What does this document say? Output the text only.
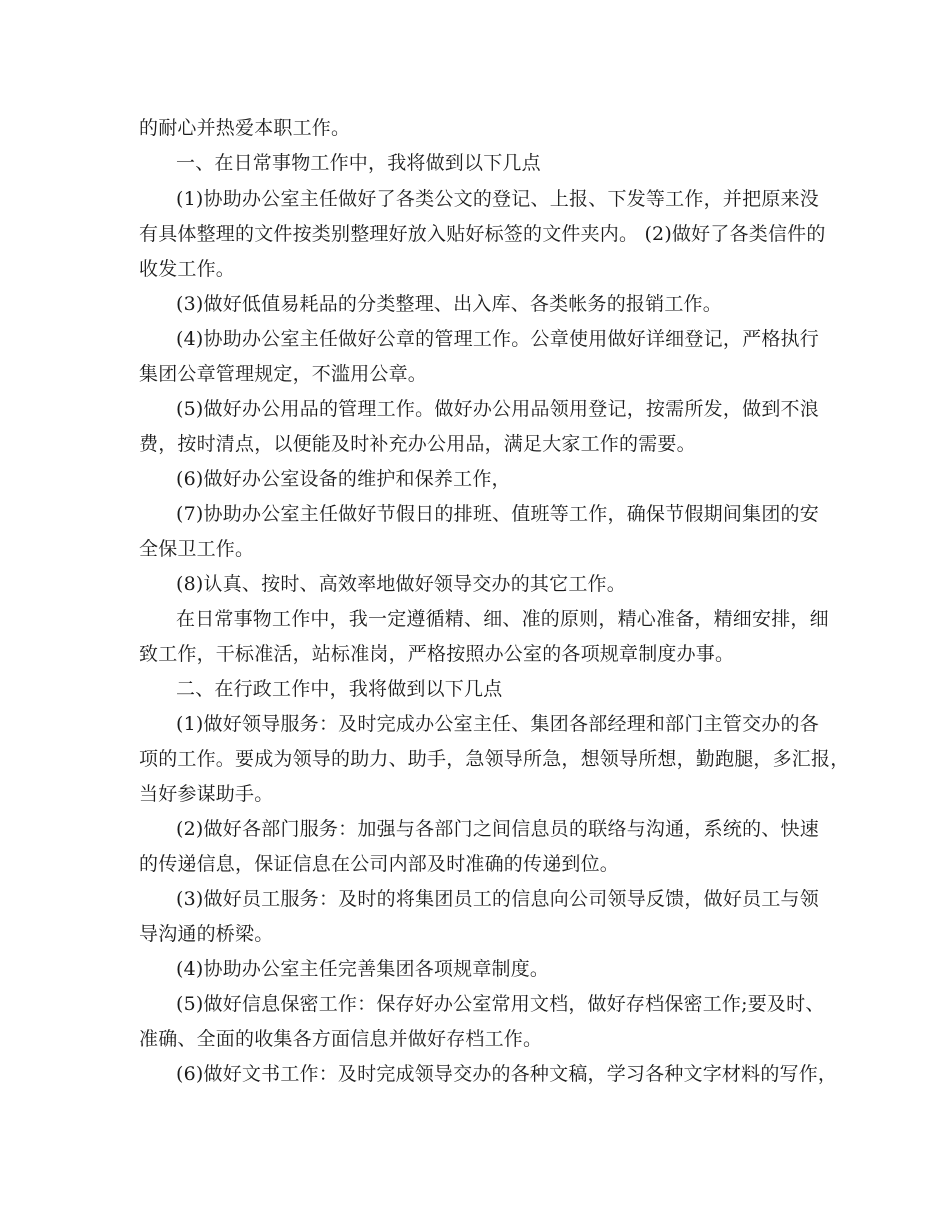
的耐心并热爱本职工作。
一、在日常事物工作中，我将做到以下几点
(1)协助办公室主任做好了各类公文的登记、上报、下发等工作，并把原来没
有具体整理的文件按类别整理好放入贴好标签的文件夹内。 (2)做好了各类信件的
收发工作。
(3)做好低值易耗品的分类整理、出入库、各类帐务的报销工作。
(4)协助办公室主任做好公章的管理工作。公章使用做好详细登记，严格执行
集团公章管理规定，不滥用公章。
(5)做好办公用品的管理工作。做好办公用品领用登记，按需所发，做到不浪
费，按时清点，以便能及时补充办公用品，满足大家工作的需要。
(6)做好办公室设备的维护和保养工作，
(7)协助办公室主任做好节假日的排班、值班等工作，确保节假期间集团的安
全保卫工作。
(8)认真、按时、高效率地做好领导交办的其它工作。
在日常事物工作中，我一定遵循精、细、准的原则，精心准备，精细安排，细
致工作，干标准活，站标准岗，严格按照办公室的各项规章制度办事。
二、在行政工作中，我将做到以下几点
(1)做好领导服务：及时完成办公室主任、集团各部经理和部门主管交办的各
项的工作。要成为领导的助力、助手，急领导所急，想领导所想，勤跑腿，多汇报，
当好参谋助手。
(2)做好各部门服务：加强与各部门之间信息员的联络与沟通，系统的、快速
的传递信息，保证信息在公司内部及时准确的传递到位。
(3)做好员工服务：及时的将集团员工的信息向公司领导反馈，做好员工与领
导沟通的桥梁。
(4)协助办公室主任完善集团各项规章制度。
(5)做好信息保密工作：保存好办公室常用文档，做好存档保密工作;要及时、
准确、全面的收集各方面信息并做好存档工作。
(6)做好文书工作：及时完成领导交办的各种文稿，学习各种文字材料的写作，
